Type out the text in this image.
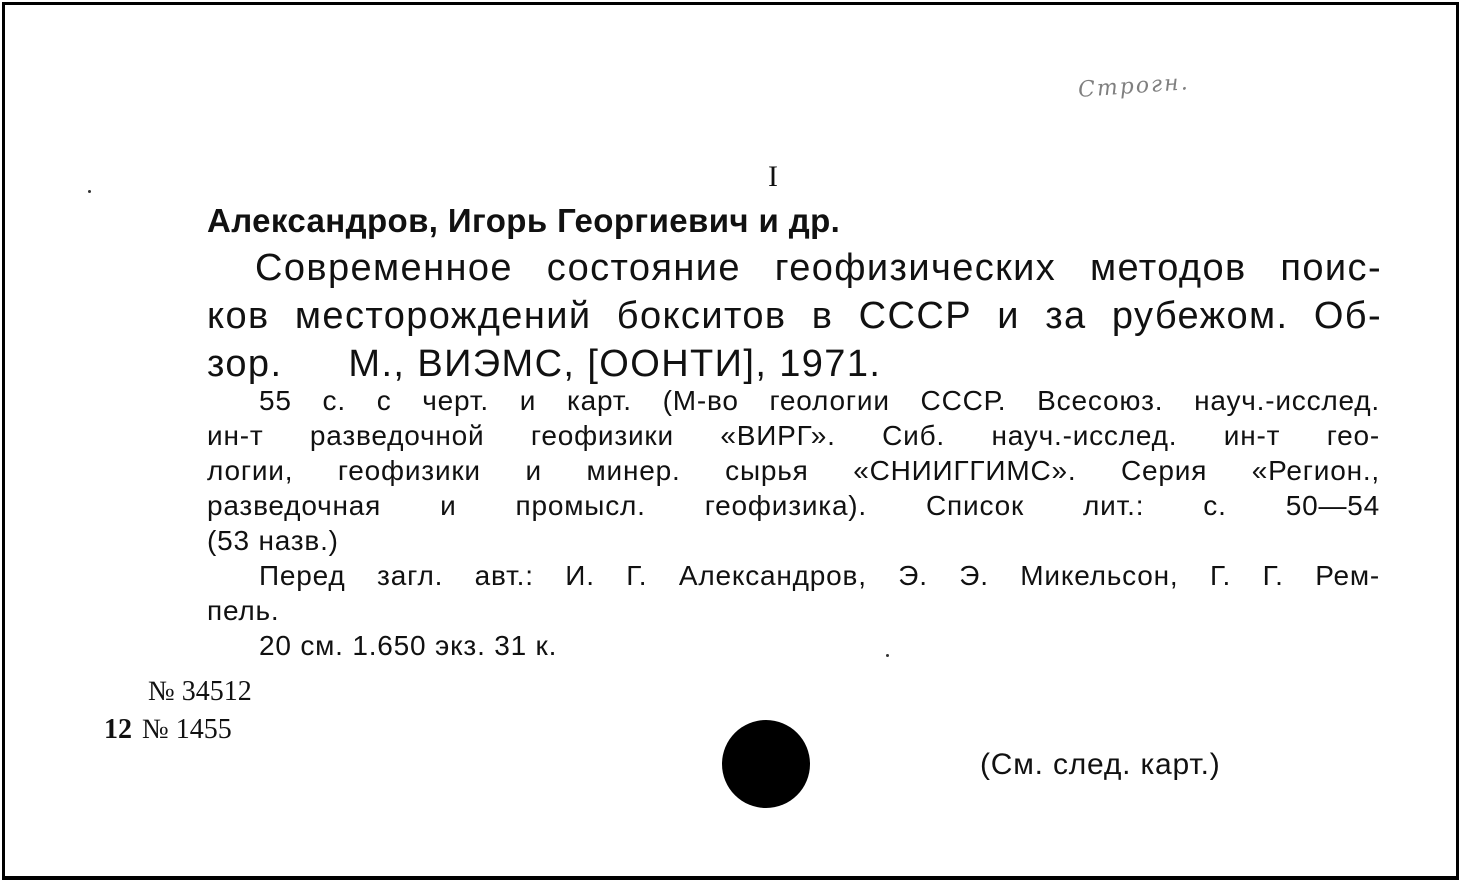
Строгн.
I
Александров, Игорь Георгиевич и др.
Современное состояние геофизических методов поис-
ков месторождений бокситов в СССР и за рубежом. Об-
зор. М., ВИЭМС, [ООНТИ], 1971.
55 с. с черт. и карт. (М-во геологии СССР. Всесоюз. науч.-исслед.
ин-т разведочной геофизики «ВИРГ». Сиб. науч.-исслед. ин-т гео-
логии, геофизики и минер. сырья «СНИИГГИМС». Серия «Регион.,
разведочная и промысл. геофизика). Список лит.: с. 50—54
(53 назв.)
Перед загл. авт.: И. Г. Александров, Э. Э. Микельсон, Г. Г. Рем-
пель.
20 см. 1.650 экз. 31 к.
№ 34512
12 № 1455
(См. след. карт.)
